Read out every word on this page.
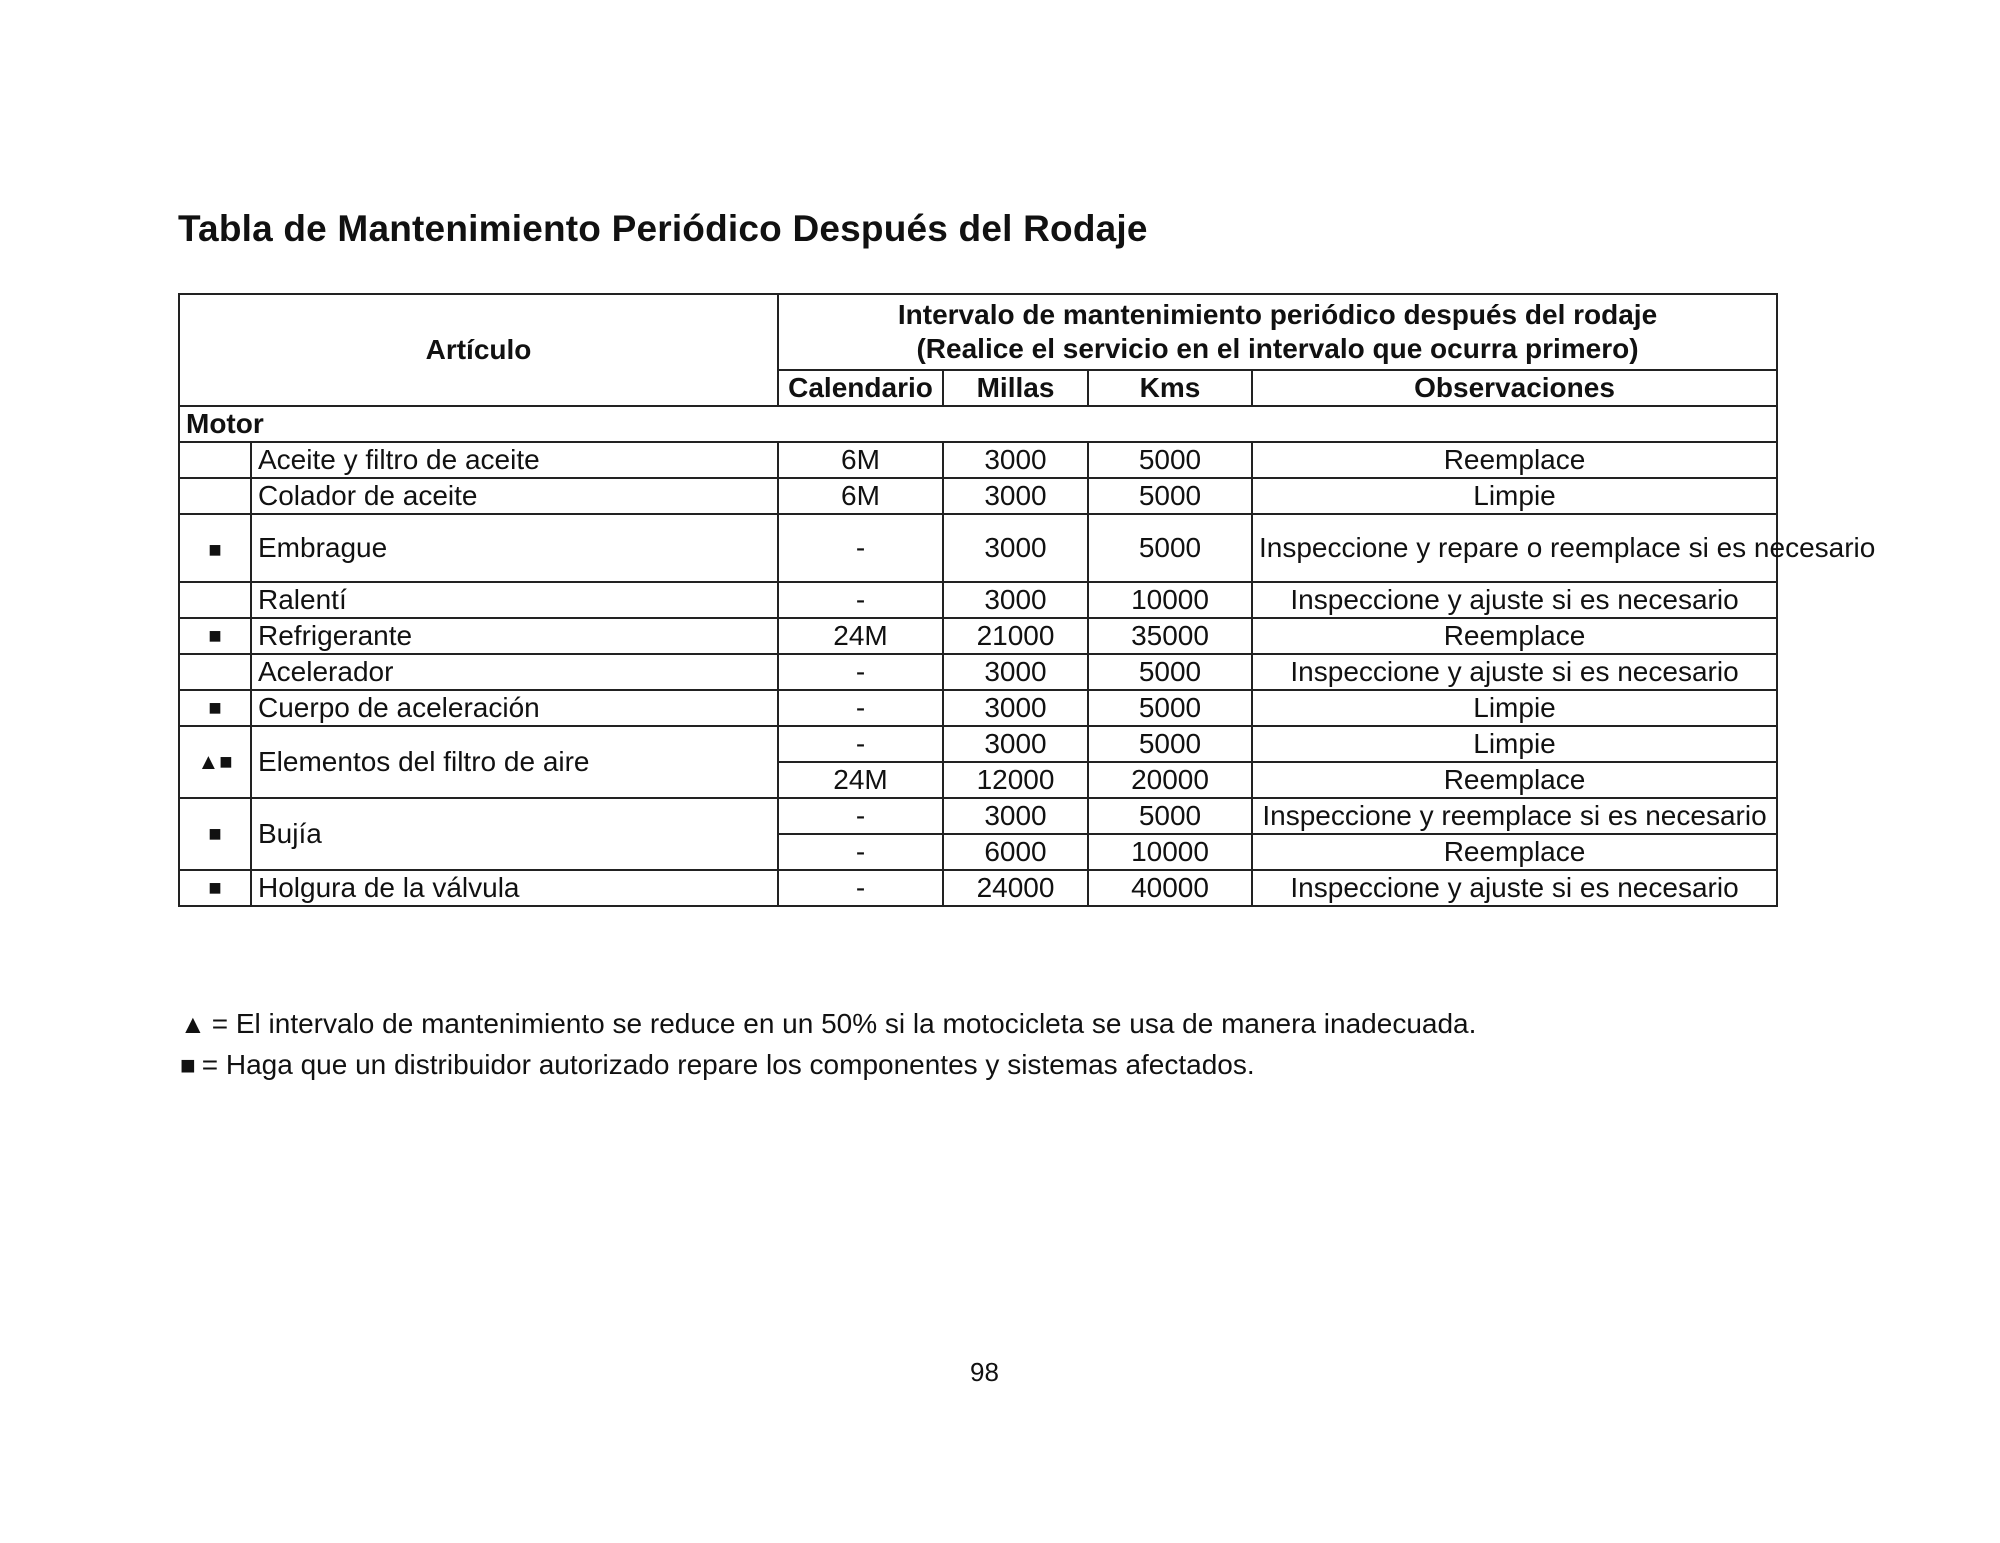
Tabla de Mantenimiento Periódico Después del Rodaje
Artículo		Intervalo de mantenimiento periódico después del rodaje
(Realice el servicio en el intervalo que ocurra primero)			

		Calendario	Millas	Kms	Observaciones
Motor					
	Aceite y filtro de aceite	6M	3000	5000	Reemplace
	Colador de aceite	6M	3000	5000	Limpie
■	Embrague	-	3000	5000	Inspeccione y repare o reemplace si es necesario
	Ralentí	-	3000	10000	Inspeccione y ajuste si es necesario
■	Refrigerante	24M	21000	35000	Reemplace
	Acelerador	-	3000	5000	Inspeccione y ajuste si es necesario
■	Cuerpo de aceleración	-	3000	5000	Limpie
▲■	Elementos del filtro de aire	-	3000	5000	Limpie
		24M	12000	20000	Reemplace
■	Bujía	-	3000	5000	Inspeccione y reemplace si es necesario
		-	6000	10000	Reemplace
■	Holgura de la válvula	-	24000	40000	Inspeccione y ajuste si es necesario

▲ = El intervalo de mantenimiento se reduce en un 50% si la motocicleta se usa de manera inadecuada.

■ = Haga que un distribuidor autorizado repare los componentes y sistemas afectados.

98
